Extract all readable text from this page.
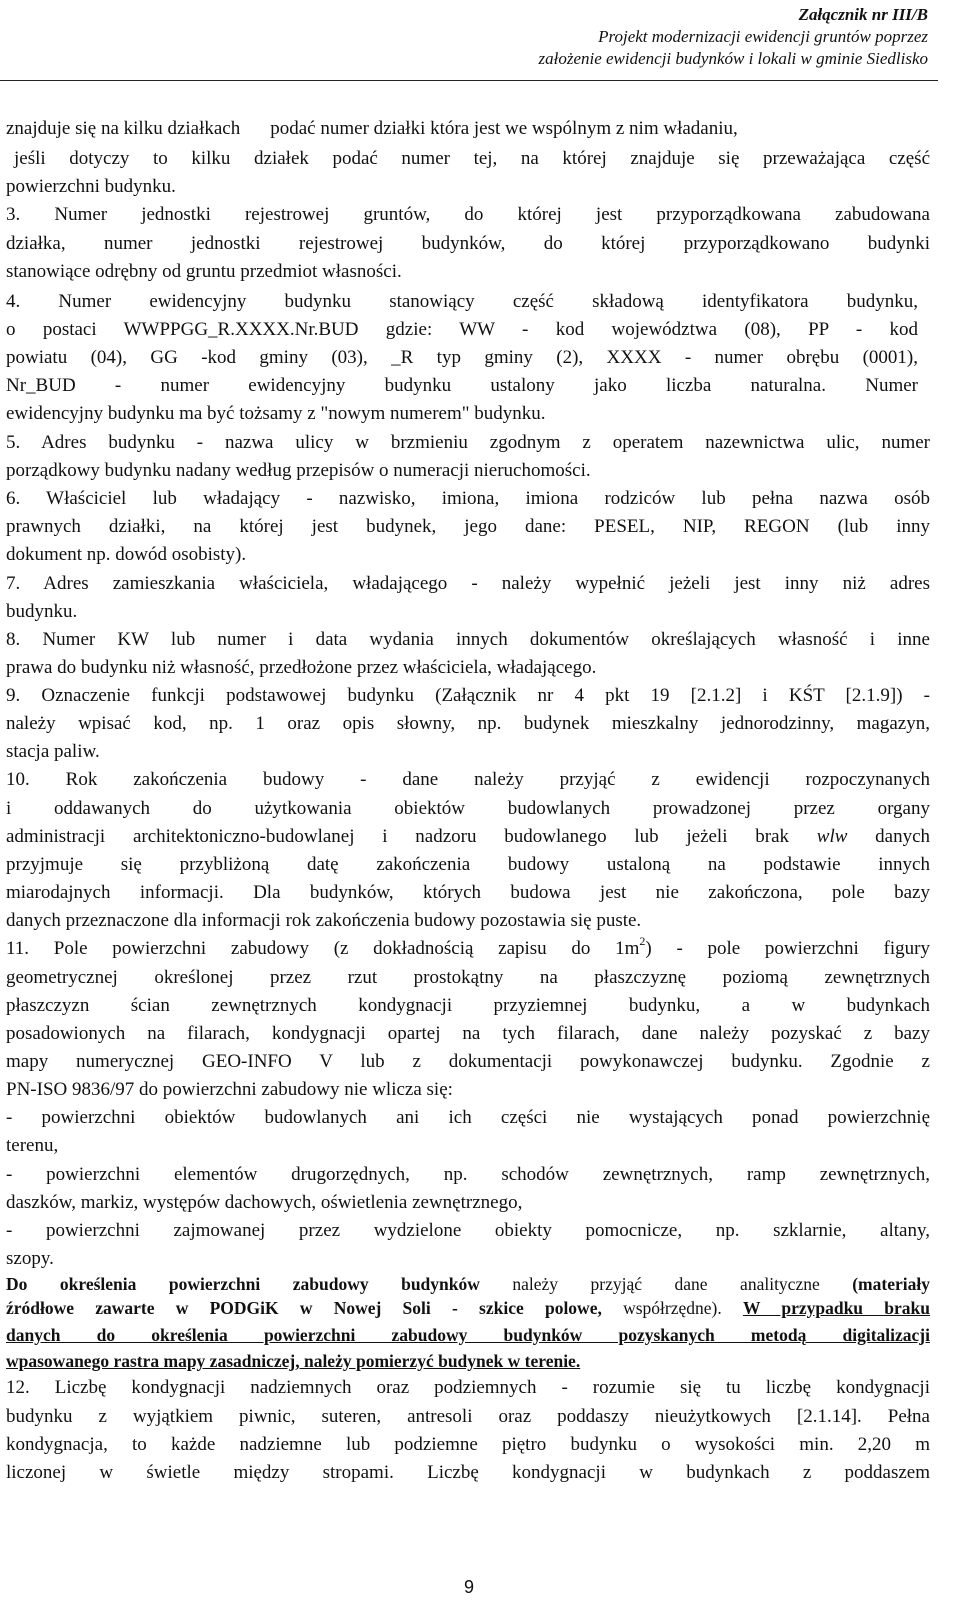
Załącznik nr III/B
Projekt modernizacji ewidencji gruntów poprzez
założenie ewidencji budynków i lokali w gminie Siedlisko
znajduje się na kilku działkach podać numer działki która jest we wspólnym z nim władaniu,
jeśli dotyczy to kilku działek podać numer tej, na której znajduje się przeważająca część
powierzchni budynku.
3. Numer jednostki rejestrowej gruntów, do której jest przyporządkowana zabudowana
działka, numer jednostki rejestrowej budynków, do której przyporządkowano budynki
stanowiące odrębny od gruntu przedmiot własności.
4. Numer ewidencyjny budynku stanowiący część składową identyfikatora budynku,
o postaci WWPPGG_R.XXXX.Nr.BUD gdzie: WW - kod województwa (08), PP - kod
powiatu (04), GG -kod gminy (03), _R typ gminy (2), XXXX - numer obrębu (0001),
Nr_BUD - numer ewidencyjny budynku ustalony jako liczba naturalna. Numer
ewidencyjny budynku ma być tożsamy z "nowym numerem" budynku.
5. Adres budynku - nazwa ulicy w brzmieniu zgodnym z operatem nazewnictwa ulic, numer
porządkowy budynku nadany według przepisów o numeracji nieruchomości.
6. Właściciel lub władający - nazwisko, imiona, imiona rodziców lub pełna nazwa osób
prawnych działki, na której jest budynek, jego dane: PESEL, NIP, REGON (lub inny
dokument np. dowód osobisty).
7. Adres zamieszkania właściciela, władającego - należy wypełnić jeżeli jest inny niż adres
budynku.
8. Numer KW lub numer i data wydania innych dokumentów określających własność i inne
prawa do budynku niż własność, przedłożone przez właściciela, władającego.
9. Oznaczenie funkcji podstawowej budynku (Załącznik nr 4 pkt 19 [2.1.2] i KŚT [2.1.9]) -
należy wpisać kod, np. 1 oraz opis słowny, np. budynek mieszkalny jednorodzinny, magazyn,
stacja paliw.
10. Rok zakończenia budowy - dane należy przyjąć z ewidencji rozpoczynanych
i oddawanych do użytkowania obiektów budowlanych prowadzonej przez organy
administracji architektoniczno-budowlanej i nadzoru budowlanego lub jeżeli brak wlw danych
przyjmuje się przybliżoną datę zakończenia budowy ustaloną na podstawie innych
miarodajnych informacji. Dla budynków, których budowa jest nie zakończona, pole bazy
danych przeznaczone dla informacji rok zakończenia budowy pozostawia się puste.
11. Pole powierzchni zabudowy (z dokładnością zapisu do $1m^2$) - pole powierzchni figury
geometrycznej określonej przez rzut prostokątny na płaszczyznę poziomą zewnętrznych
płaszczyzn ścian zewnętrznych kondygnacji przyziemnej budynku, a w budynkach
posadowionych na filarach, kondygnacji opartej na tych filarach, dane należy pozyskać z bazy
mapy numerycznej GEO-INFO V lub z dokumentacji powykonawczej budynku. Zgodnie z
PN-ISO 9836/97 do powierzchni zabudowy nie wlicza się:
- powierzchni obiektów budowlanych ani ich części nie wystających ponad powierzchnię
terenu,
- powierzchni elementów drugorzędnych, np. schodów zewnętrznych, ramp zewnętrznych,
daszków, markiz, występów dachowych, oświetlenia zewnętrznego,
- powierzchni zajmowanej przez wydzielone obiekty pomocnicze, np. szklarnie, altany,
szopy.
Do określenia powierzchni zabudowy budynków należy przyjąć dane analityczne (materiały
źródłowe zawarte w PODGiK w Nowej Soli - szkice polowe, współrzędne). W przypadku braku
danych do określenia powierzchni zabudowy budynków pozyskanych metodą digitalizacji
wpasowanego rastra mapy zasadniczej, należy pomierzyć budynek w terenie.
12. Liczbę kondygnacji nadziemnych oraz podziemnych - rozumie się tu liczbę kondygnacji
budynku z wyjątkiem piwnic, suteren, antresoli oraz poddaszy nieużytkowych [2.1.14]. Pełna
kondygnacja, to każde nadziemne lub podziemne piętro budynku o wysokości min. 2,20 m
liczonej w świetle między stropami. Liczbę kondygnacji w budynkach z poddaszem
9
